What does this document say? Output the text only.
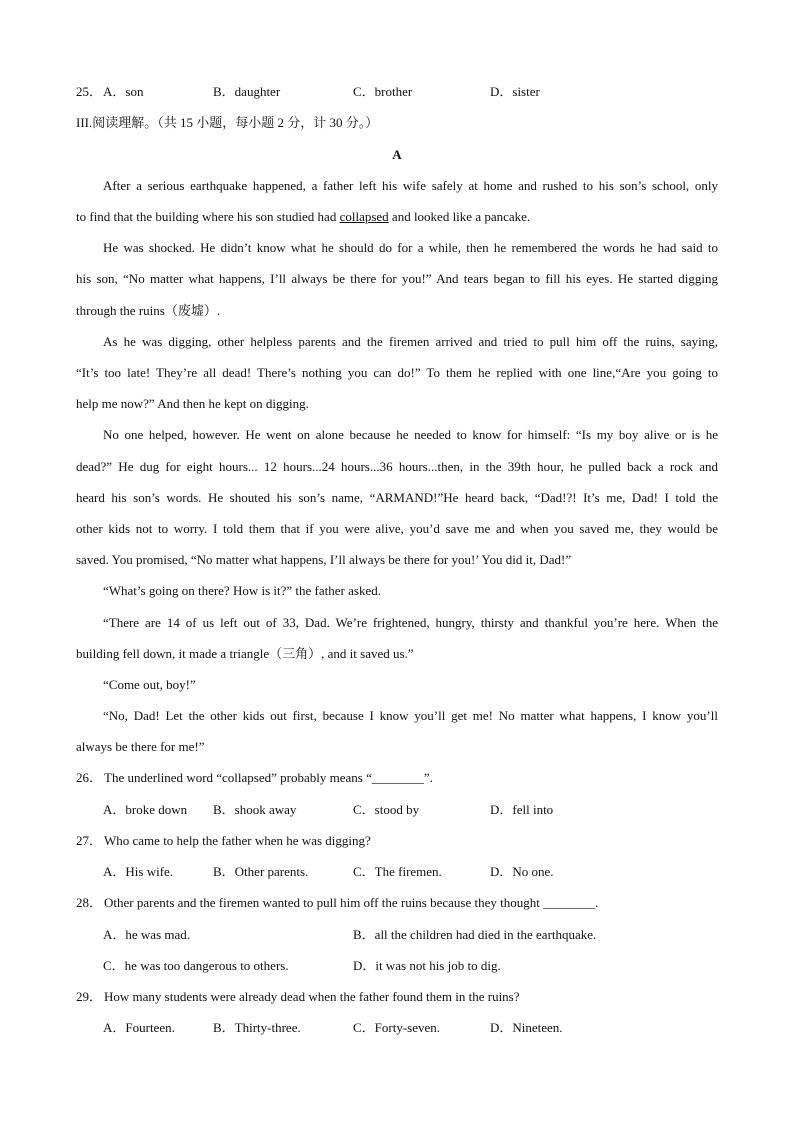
25． A．son	B．daughter	C．brother	D．sister
III.阅读理解。（共 15 小题，每小题 2 分，计 30 分。）
A
After a serious earthquake happened, a father left his wife safely at home and rushed to his son’s school, only
to find that the building where his son studied had collapsed and looked like a pancake.
He was shocked. He didn’t know what he should do for a while, then he remembered the words he had said to
his son, “No matter what happens, I’ll always be there for you!” And tears began to fill his eyes. He started digging
through the ruins（废墟）.
As he was digging, other helpless parents and the firemen arrived and tried to pull him off the ruins, saying,
“It’s too late! They’re all dead! There’s nothing you can do!” To them he replied with one line,“Are you going to
help me now?” And then he kept on digging.
No one helped, however. He went on alone because he needed to know for himself: “Is my boy alive or is he
dead?” He dug for eight hours... 12 hours...24 hours...36 hours...then, in the 39th hour, he pulled back a rock and
heard his son’s words. He shouted his son’s name, “ARMAND!”He heard back, “Dad!?! It’s me, Dad! I told the
other kids not to worry. I told them that if you were alive, you’d save me and when you saved me, they would be
saved. You promised, “No matter what happens, I’ll always be there for you!’ You did it, Dad!”
“What’s going on there? How is it?” the father asked.
“There are 14 of us left out of 33, Dad. We’re frightened, hungry, thirsty and thankful you’re here. When the
building fell down, it made a triangle（三角）, and it saved us.”
“Come out, boy!”
“No, Dad! Let the other kids out first, because I know you’ll get me! No matter what happens, I know you’ll
always be there for me!”
26． The underlined word “collapsed” probably means “________”.
A．broke down B．shook away	C．stood by	D．fell into
27． Who came to help the father when he was digging?
A．His wife.	B．Other parents.	C．The firemen.	D．No one.
28． Other parents and the firemen wanted to pull him off the ruins because they thought ________.
A．he was mad.	B．all the children had died in the earthquake.
C．he was too dangerous to others.	D．it was not his job to dig.
29． How many students were already dead when the father found them in the ruins?
A．Fourteen.	B．Thirty-three.	C．Forty-seven.	D．Nineteen.
